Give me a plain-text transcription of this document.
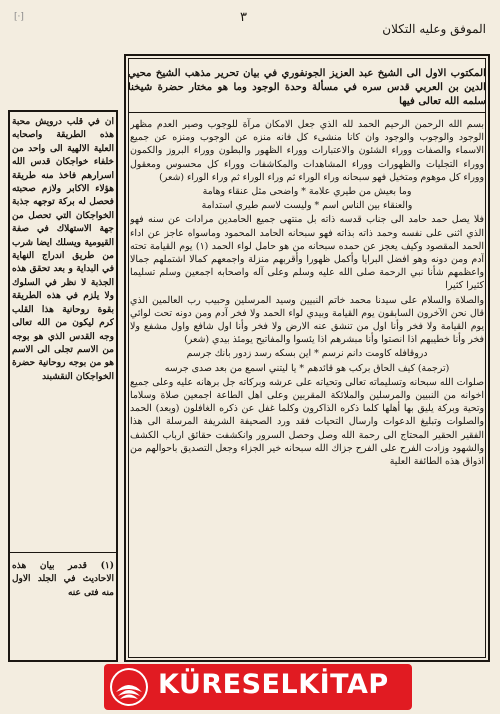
الموفق وعليه التكلان
٣
[·]
المكتوب الاول الى الشيخ عبد العزيز الجونفوري في بيان تحرير مذهب الشيخ محيي الدين بن العربي قدس سره في مسألة وحدة الوجود وما هو مختار حضرة شيخنا سلمه الله تعالى فيها

بسم الله الرحمن الرحيم الحمد لله الذي جعل الامكان مرآة للوجوب وصير العدم مظهر الوجود والوجوب والوجود وان كانا منشىء كل فانه منزه عن الوجوب ومنزه عن جميع الاسماء والصفات ووراء الشئون والاعتبارات ووراء الظهور والبطون ووراء البروز والكمون ووراء التجليات والظهورات ووراء المشاهدات والمكاشفات ووراء كل محسوس ومعقول ووراء كل موهوم ومتخيل فهو سبحانه وراء الوراء ثم وراء الوراء ثم وراء الوراء (شعر)

وما بعيش من طيري علامة * واضحى مثل عنقاء وهامة

والعنقاء بين الناس اسم * وليست لاسم طيري استدامة

فلا يصل حمد حامد الى جناب قدسه ذاته بل منتهى جميع الحامدين مرادات عن سنه فهو الذي اثنى على نفسه وحمد ذاته بذاته فهو سبحانه الحامد المحمود وماسواه عاجز عن اداء الحمد المقصود وكيف يعجز عن حمده سبحانه من هو حامل لواء الحمد (١) يوم القيامة تحته آدم ومن دونه وهو افضل البرايا وأكمل ظهورا وأقربهم منزلة واجمعهم كمالا اشتملهم جمالا واعظمهم شأنا نبي الرحمة صلى الله عليه وسلم وعلى آله واصحابه اجمعين وسلم تسليما كثيرا كثيرا

والصلاة والسلام على سيدنا محمد خاتم النبيين وسيد المرسلين وحبيب رب العالمين الذي قال نحن الآخرون السابقون يوم القيامة وبيدي لواء الحمد ولا فخر آدم ومن دونه تحت لوائي يوم القيامة ولا فخر وأنا اول من تنشق عنه الارض ولا فخر وأنا اول شافع واول مشفع ولا فخر وأنا خطيبهم اذا انصتوا وأنا مبشرهم اذا يئسوا والمفاتيح يومئذ بيدي (شعر)

دروقافله كاومت دانم نرسم * اين بسكه رسد زدور بانك جرسم

(ترجمة) كيف الحاق بركب هو قائدهم * يا ليتني اسمع من بعد صدى جرسه

صلوات الله سبحانه وتسليماته تعالى وتحياته على عرشه وبركاته جل برهانه عليه وعلى جميع اخوانه من النبيين والمرسلين والملائكة المقربين وعلى اهل الطاعة اجمعين صلاة وسلاما وتحية وبركة يليق بها أهلها كلما ذكره الذاكرون وكلما غفل عن ذكره الغافلون (وبعد) الحمد والصلوات وتبليغ الدعوات وارسال التحيات فقد ورد الصحيفة الشريفة المرسلة الى هذا الفقير الحقير المحتاج الى رحمة الله وصل وحصل السرور وانكشفت حقائق ارباب الكشف والشهود وزادت الفرح على الفرح جزاك الله سبحانه خير الجزاء وجعل التصديق باحوالهم من اذواق هذه الطائفة العلية

ان في قلب درويش محبة هذه الطريقة واصحابه العلية الالهية الى واحد من خلفاء خواجكان قدس الله اسرارهم فاخذ منه طريقة هؤلاء الاكابر ولازم صحبته فحصل له بركة توجهه جذبة الخواجكان التي تحصل من جهة الاستهلاك في صفة القيومية ويسلك ايضا شرب من طريق اندراج النهاية في البداية و بعد تحقق هذه الجذبة لا نظر في السلوك ولا يلزم في هذه الطريقة بقوة روحانية هذا القلب كرم ليكون من الله تعالى وجه القدس الذي هو بوجه من الاسم تجلى الى الاسم هو من بوجه روحانية حضرة الخواجكان النقشبند
(١) قدمر بيان هذه الاحاديث في الجلد الاول منه فتى عنه
KÜRESELKİTAP
